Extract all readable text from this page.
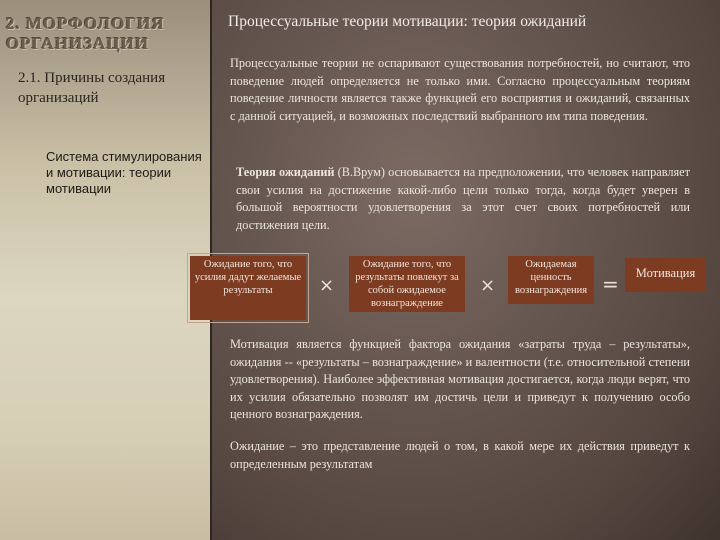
2. МОРФОЛОГИЯ ОРГАНИЗАЦИИ
2.1. Причины создания организаций
Система стимулирования и мотивации: теории мотивации
Процессуальные теории мотивации: теория ожиданий
Процессуальные теории не оспаривают существования потребностей, но считают, что поведение людей определяется не только ими. Согласно процессуальным теориям поведение личности является также функцией его восприятия и ожиданий, связанных с данной ситуацией, и возможных последствий выбранного им типа поведения.
Теория ожиданий (В.Врум) основывается на предположении, что человек направляет свои усилия на достижение какой-либо цели только тогда, когда будет уверен в большой вероятности удовлетворения за этот счет своих потребностей или достижения цели.
Ожидание того, что усилия дадут желаемые результаты	×
Ожидание того, что результаты повлекут за собой ожидаемое вознаграждение
×
Ожидаемая ценность вознаграждения =	Мотивация
Мотивация является функцией фактора ожидания «затраты труда – результаты», ожидания -- «результаты – вознаграждение» и валентности (т.е. относительной степени удовлетворения). Наиболее эффективная мотивация достигается, когда люди верят, что их усилия обязательно позволят им достичь цели и приведут к получению особо ценного вознаграждения.
Ожидание – это представление людей о том, в какой мере их действия приведут к определенным результатам
